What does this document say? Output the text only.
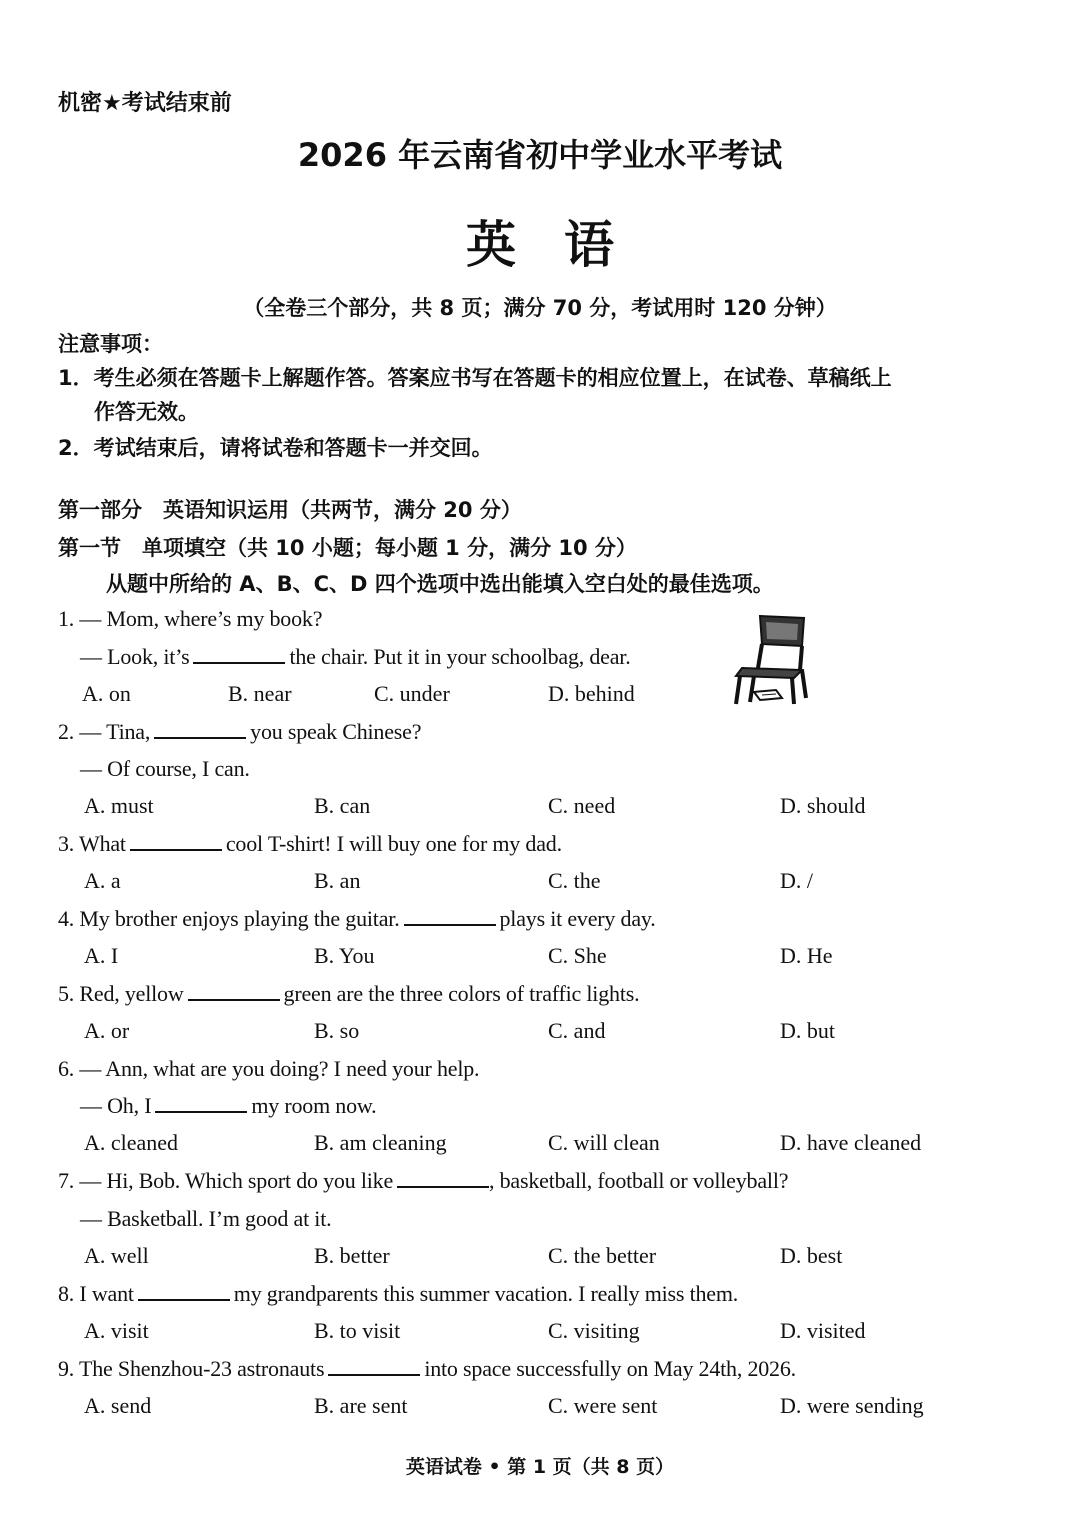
机密★考试结束前
2026 年云南省初中学业水平考试
英语
（全卷三个部分，共 8 页；满分 70 分，考试用时 120 分钟）
注意事项：
1．考生必须在答题卡上解题作答。答案应书写在答题卡的相应位置上，在试卷、草稿纸上
作答无效。
2．考试结束后，请将试卷和答题卡一并交回。
第一部分　英语知识运用（共两节，满分 20 分）
第一节　单项填空（共 10 小题；每小题 1 分，满分 10 分）
从题中所给的 A、B、C、D 四个选项中选出能填入空白处的最佳选项。
1. — Mom, where’s my book?
— Look, it’s	the chair. Put it in your schoolbag, dear.
A. on	B. near	C. under	D. behind
2. — Tina,	you speak Chinese?
— Of course, I can.
A. must	B. can	C. need	D. should
3. What	cool T-shirt! I will buy one for my dad.
A. a	B. an	C. the	D. /
4. My brother enjoys playing the guitar.	plays it every day.
A. I	B. You	C. She	D. He
5. Red, yellow	green are the three colors of traffic lights.
A. or	B. so	C. and	D. but
6. — Ann, what are you doing? I need your help.
— Oh, I	my room now.
A. cleaned	B. am cleaning	C. will clean	D. have cleaned
7. — Hi, Bob. Which sport do you like	, basketball, football or volleyball?
— Basketball. I’m good at it.
A. well	B. better	C. the better	D. best
8. I want	my grandparents this summer vacation. I really miss them.
A. visit	B. to visit	C. visiting	D. visited
9. The Shenzhou-23 astronauts	into space successfully on May 24th, 2026.
A. send	B. are sent	C. were sent	D. were sending
英语试卷 • 第 1 页（共 8 页）
